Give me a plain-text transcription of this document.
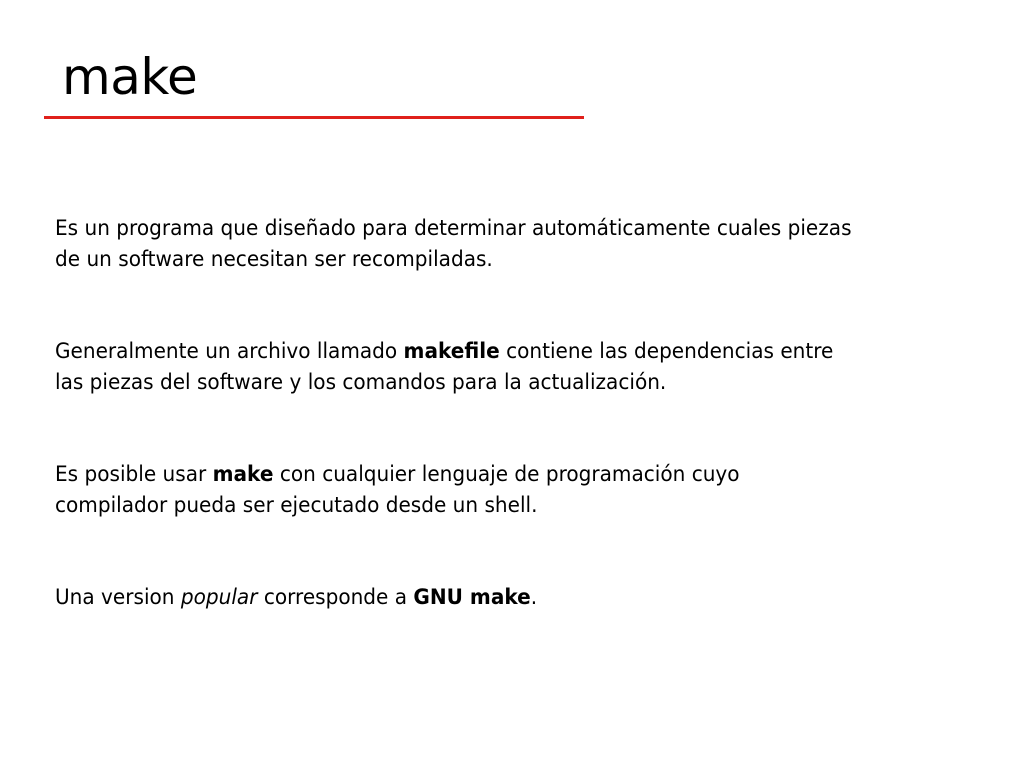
make

Es un programa que diseñado para determinar automáticamente cuales piezas
de un software necesitan ser recompiladas.

Generalmente un archivo llamado makefile contiene las dependencias entre
las piezas del software y los comandos para la actualización.

Es posible usar make con cualquier lenguaje de programación cuyo
compilador pueda ser ejecutado desde un shell.

Una version popular corresponde a GNU make.
